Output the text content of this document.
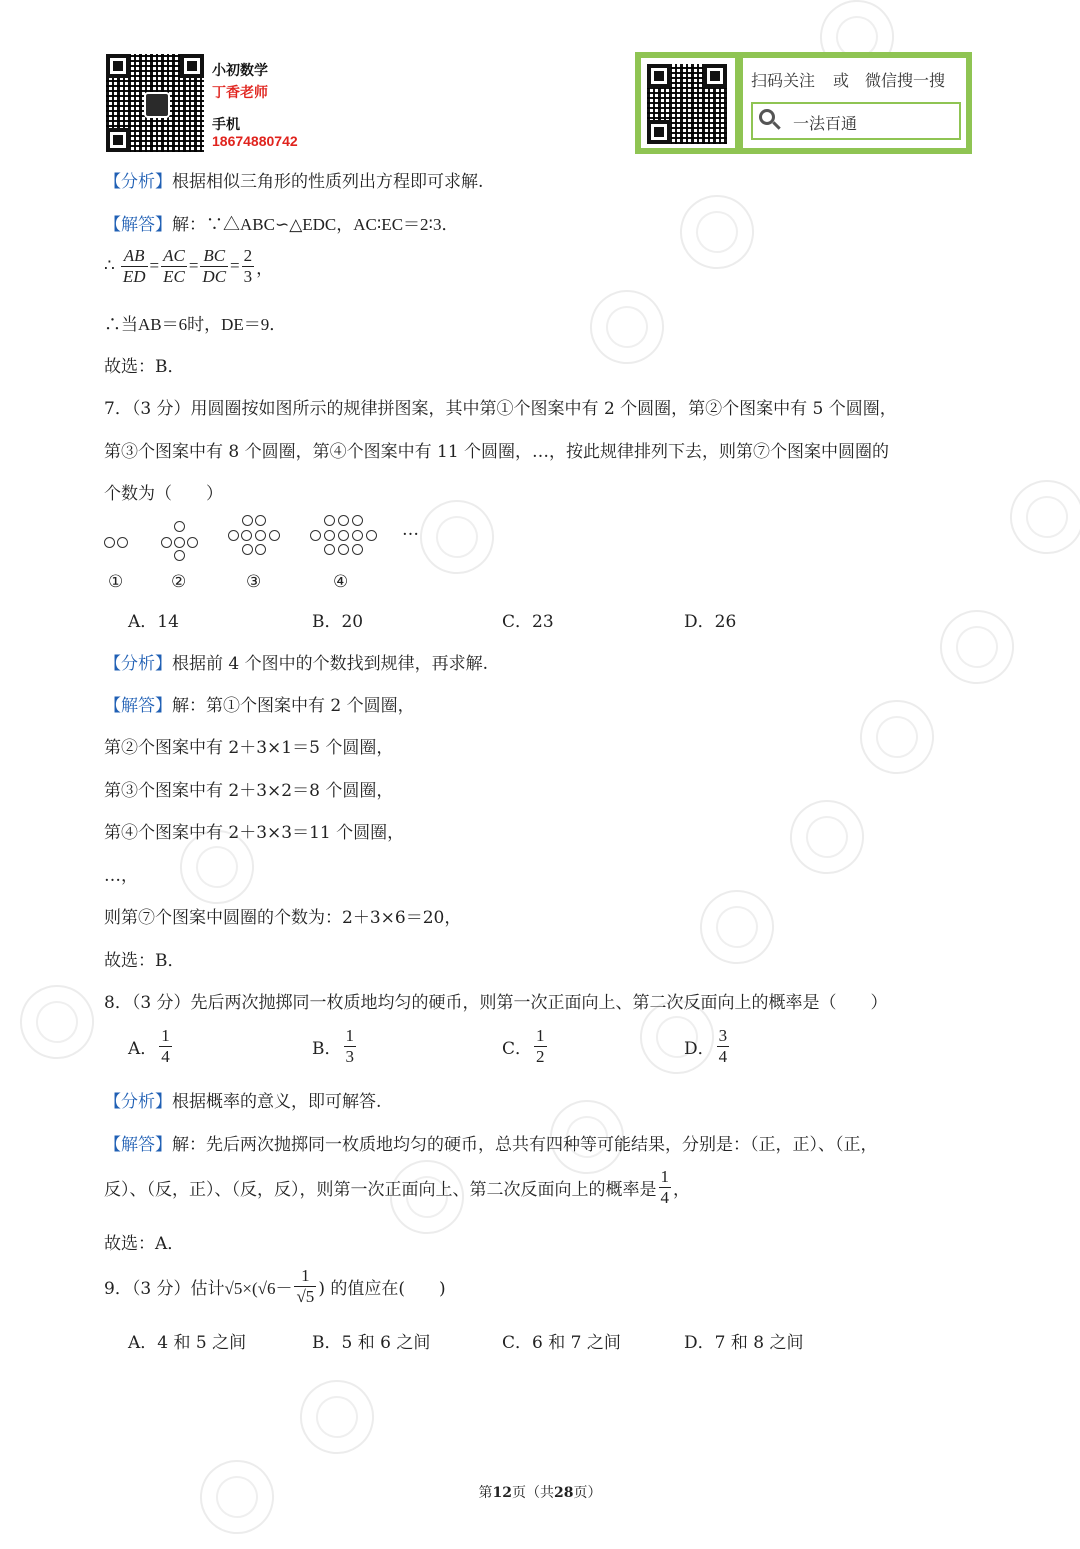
小初数学
丁香老师
手机
18674880742
扫码关注 或 微信搜一搜
一法百通
【分析】根据相似三角形的性质列出方程即可求解.
【解答】解：∵△ABC∽△EDC，AC∶EC＝2∶3．
∴ $\frac{AB}{ED} = \frac{AC}{EC} = \frac{BC}{DC} = \frac{2}{3}$ ，
∴当AB＝6时，DE＝9．
故选：B．
7．（3 分）用圆圈按如图所示的规律拼图案，其中第①个图案中有 2 个圆圈，第②个图案中有 5 个圆圈，
第③个图案中有 8 个圆圈，第④个图案中有 11 个圆圈，…，按此规律排列下去，则第⑦个图案中圆圈的
个数为（　　）
…
①	②	③	④
A．14	B．20	C．23	D．26
【分析】根据前 4 个图中的个数找到规律，再求解.
【解答】解：第①个图案中有 2 个圆圈，
第②个图案中有 2＋3×1＝5 个圆圈，
第③个图案中有 2＋3×2＝8 个圆圈，
第④个图案中有 2＋3×3＝11 个圆圈，
…，
则第⑦个图案中圆圈的个数为：2＋3×6＝20，
故选：B．
8．（3 分）先后两次抛掷同一枚质地均匀的硬币，则第一次正面向上、第二次反面向上的概率是（　　）
A． $\frac{1}{4}$	B． $\frac{1}{3}$	C． $\frac{1}{2}$	D． $\frac{3}{4}$
【分析】根据概率的意义，即可解答.
【解答】解：先后两次抛掷同一枚质地均匀的硬币，总共有四种等可能结果，分别是：（正，正）、（正，
反）、（反，正）、（反，反），则第一次正面向上、第二次反面向上的概率是 $\frac{1}{4}$ ，
故选：A．
9．（3 分）估计 $√5\times(√6- \frac{1}{√5}$ ) 的值应在(　　)
A．4 和 5 之间	B．5 和 6 之间	C．6 和 7 之间	D．7 和 8 之间
第12页（共28页）
